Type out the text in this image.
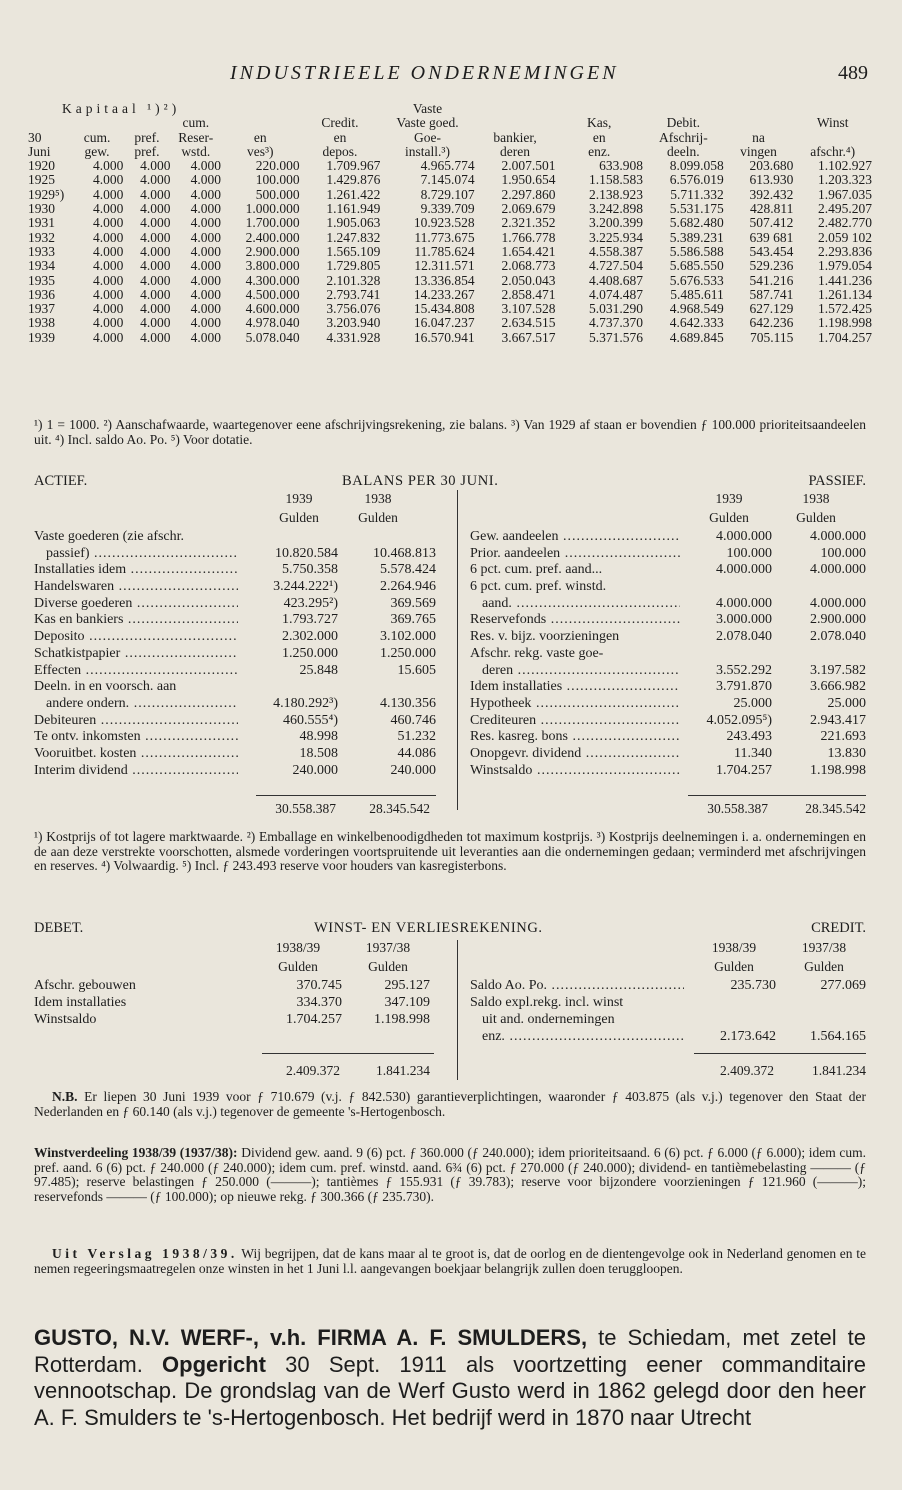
INDUSTRIEELE ONDERNEMINGEN	489
Kapitaal ¹)²)						Vaste					
			cum.		Credit.	Vaste goed.		Kas,	Debit.		Winst
30	cum.	pref.	Reser-	en	en	Goe-	bankier,	en	Afschrij-	na	
Juni	gew.	pref.	wstd.	ves³)	depos.	install.³)	deren	enz.	deeln.	vingen	afschr.⁴)
1920	4.000	4.000	4.000	220.000	1.709.967	4.965.774	2.007.501	633.908	8.099.058	203.680	1.102.927
1925	4.000	4.000	4.000	100.000	1.429.876	7.145.074	1.950.654	1.158.583	6.576.019	613.930	1.203.323
1929⁵)	4.000	4.000	4.000	500.000	1.261.422	8.729.107	2.297.860	2.138.923	5.711.332	392.432	1.967.035
1930	4.000	4.000	4.000	1.000.000	1.161.949	9.339.709	2.069.679	3.242.898	5.531.175	428.811	2.495.207
1931	4.000	4.000	4.000	1.700.000	1.905.063	10.923.528	2.321.352	3.200.399	5.682.480	507.412	2.482.770
1932	4.000	4.000	4.000	2.400.000	1.247.832	11.773.675	1.766.778	3.225.934	5.389.231	639 681	2.059 102
1933	4.000	4.000	4.000	2.900.000	1.565.109	11.785.624	1.654.421	4.558.387	5.586.588	543.454	2.293.836
1934	4.000	4.000	4.000	3.800.000	1.729.805	12.311.571	2.068.773	4.727.504	5.685.550	529.236	1.979.054
1935	4.000	4.000	4.000	4.300.000	2.101.328	13.336.854	2.050.043	4.408.687	5.676.533	541.216	1.441.236
1936	4.000	4.000	4.000	4.500.000	2.793.741	14.233.267	2.858.471	4.074.487	5.485.611	587.741	1.261.134
1937	4.000	4.000	4.000	4.600.000	3.756.076	15.434.808	3.107.528	5.031.290	4.968.549	627.129	1.572.425
1938	4.000	4.000	4.000	4.978.040	3.203.940	16.047.237	2.634.515	4.737.370	4.642.333	642.236	1.198.998
1939	4.000	4.000	4.000	5.078.040	4.331.928	16.570.941	3.667.517	5.371.576	4.689.845	705.115	1.704.257
¹) 1 = 1000. ²) Aanschafwaarde, waartegenover eene afschrijvingsrekening, zie balans. ³) Van 1929 af staan er bovendien ƒ 100.000 prioriteitsaandeelen uit. ⁴) Incl. saldo Ao. Po. ⁵) Voor dotatie.
ACTIEF.	BALANS PER 30 JUNI.	PASSIEF.
1939	1938
Gulden	Gulden
1939	1938
Gulden	Gulden
Vaste goederen (zie afschr.
passief) .....	10.820.584	10.468.813
Installaties idem .....	5.750.358	5.578.424
Handelswaren .....	3.244.222¹)	2.264.946
Diverse goederen .....	423.295²)	369.569
Kas en bankiers .....	1.793.727	369.765
Deposito .....	2.302.000	3.102.000
Schatkistpapier .....	1.250.000	1.250.000
Effecten .....	25.848	15.605
Deeln. in en voorsch. aan
andere ondern. .....	4.180.292³)	4.130.356
Debiteuren .....	460.555⁴)	460.746
Te ontv. inkomsten .....	48.998	51.232
Vooruitbet. kosten .....	18.508	44.086
Interim dividend .....	240.000	240.000
Gew. aandeelen .....	4.000.000	4.000.000
Prior. aandeelen .....	100.000	100.000
6 pct. cum. pref. aand...	4.000.000	4.000.000
6 pct. cum. pref. winstd.
aand. .....	4.000.000	4.000.000
Reservefonds .....	3.000.000	2.900.000
Res. v. bijz. voorzieningen	2.078.040	2.078.040
Afschr. rekg. vaste goe-
deren .....	3.552.292	3.197.582
Idem installaties .....	3.791.870	3.666.982
Hypotheek .....	25.000	25.000
Crediteuren .....	4.052.095⁵)	2.943.417
Res. kasreg. bons .....	243.493	221.693
Onopgevr. dividend .....	11.340	13.830
Winstsaldo .....	1.704.257	1.198.998
30.558.387	28.345.542	30.558.387	28.345.542
¹) Kostprijs of tot lagere marktwaarde. ²) Emballage en winkelbenoodigdheden tot maximum kostprijs. ³) Kostprijs deelnemingen i. a. ondernemingen en de aan deze verstrekte voorschotten, alsmede vorderingen voortspruitende uit leveranties aan die ondernemingen gedaan; verminderd met afschrijvingen en reserves. ⁴) Volwaardig. ⁵) Incl. ƒ 243.493 reserve voor houders van kasregisterbons.
DEBET.	WINST- EN VERLIESREKENING.	CREDIT.
1938/39	1937/38
Gulden	Gulden
1938/39	1937/38
Gulden	Gulden
Afschr. gebouwen	370.745	295.127
Idem installaties	334.370	347.109
Winstsaldo	1.704.257	1.198.998
Saldo Ao. Po. .....	235.730	277.069
Saldo expl.rekg. incl. winst
uit and. ondernemingen
enz. .....	2.173.642	1.564.165
2.409.372	1.841.234	2.409.372	1.841.234
N.B. Er liepen 30 Juni 1939 voor ƒ 710.679 (v.j. ƒ 842.530) garantieverplichtingen, waaronder ƒ 403.875 (als v.j.) tegenover den Staat der Nederlanden en ƒ 60.140 (als v.j.) tegenover de gemeente 's-Hertogenbosch.
Winstverdeeling 1938/39 (1937/38): Dividend gew. aand. 9 (6) pct. ƒ 360.000 (ƒ 240.000); idem prioriteitsaand. 6 (6) pct. ƒ 6.000 (ƒ 6.000); idem cum. pref. aand. 6 (6) pct. ƒ 240.000 (ƒ 240.000); idem cum. pref. winstd. aand. 6¾ (6) pct. ƒ 270.000 (ƒ 240.000); dividend- en tantièmebelasting ——— (ƒ 97.485); reserve belastingen ƒ 250.000 (———); tantièmes ƒ 155.931 (ƒ 39.783); reserve voor bijzondere voorzieningen ƒ 121.960 (———); reservefonds ——— (ƒ 100.000); op nieuwe rekg. ƒ 300.366 (ƒ 235.730).
Uit Verslag 1938/39. Wij begrijpen, dat de kans maar al te groot is, dat de oorlog en de dientengevolge ook in Nederland genomen en te nemen regeeringsmaatregelen onze winsten in het 1 Juni l.l. aangevangen boekjaar belangrijk zullen doen teruggloopen.
GUSTO, N.V. WERF-, v.h. FIRMA A. F. SMULDERS, te Schiedam, met zetel te Rotterdam. Opgericht 30 Sept. 1911 als voortzetting eener commanditaire vennootschap. De grondslag van de Werf Gusto werd in 1862 gelegd door den heer A. F. Smulders te 's-Hertogenbosch. Het bedrijf werd in 1870 naar Utrecht
